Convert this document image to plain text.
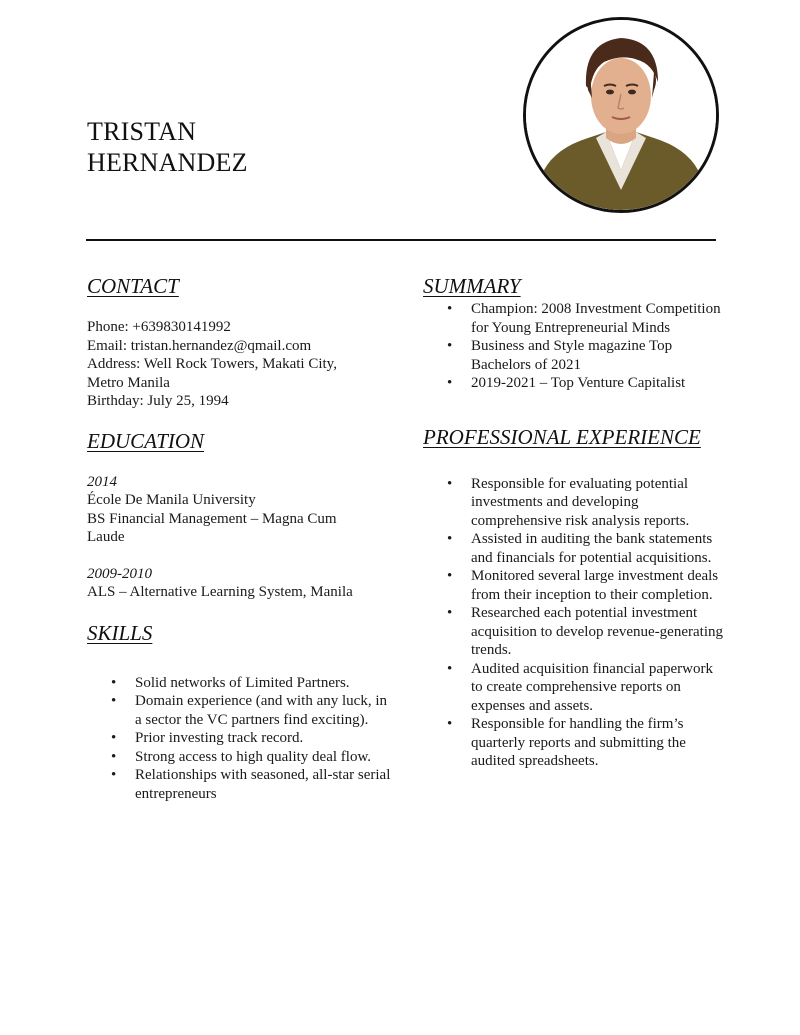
TRISTAN
HERNANDEZ
CONTACT
Phone: +639830141992
Email: tristan.hernandez@qmail.com
Address: Well Rock Towers, Makati City,
Metro Manila
Birthday: July 25, 1994
EDUCATION
2014
École De Manila University
BS Financial Management – Magna Cum
Laude
2009-2010
ALS – Alternative Learning System, Manila
SKILLS
• Solid networks of Limited Partners.
• Domain experience (and with any luck, in a sector the VC partners find exciting).
• Prior investing track record.
• Strong access to high quality deal flow.
• Relationships with seasoned, all-star serial entrepreneurs
SUMMARY
• Champion: 2008 Investment Competition for Young Entrepreneurial Minds
• Business and Style magazine Top Bachelors of 2021
• 2019-2021 – Top Venture Capitalist
PROFESSIONAL EXPERIENCE
• Responsible for evaluating potential investments and developing comprehensive risk analysis reports.
• Assisted in auditing the bank statements and financials for potential acquisitions.
• Monitored several large investment deals from their inception to their completion.
• Researched each potential investment acquisition to develop revenue-generating trends.
• Audited acquisition financial paperwork to create comprehensive reports on expenses and assets.
• Responsible for handling the firm’s quarterly reports and submitting the audited spreadsheets.
